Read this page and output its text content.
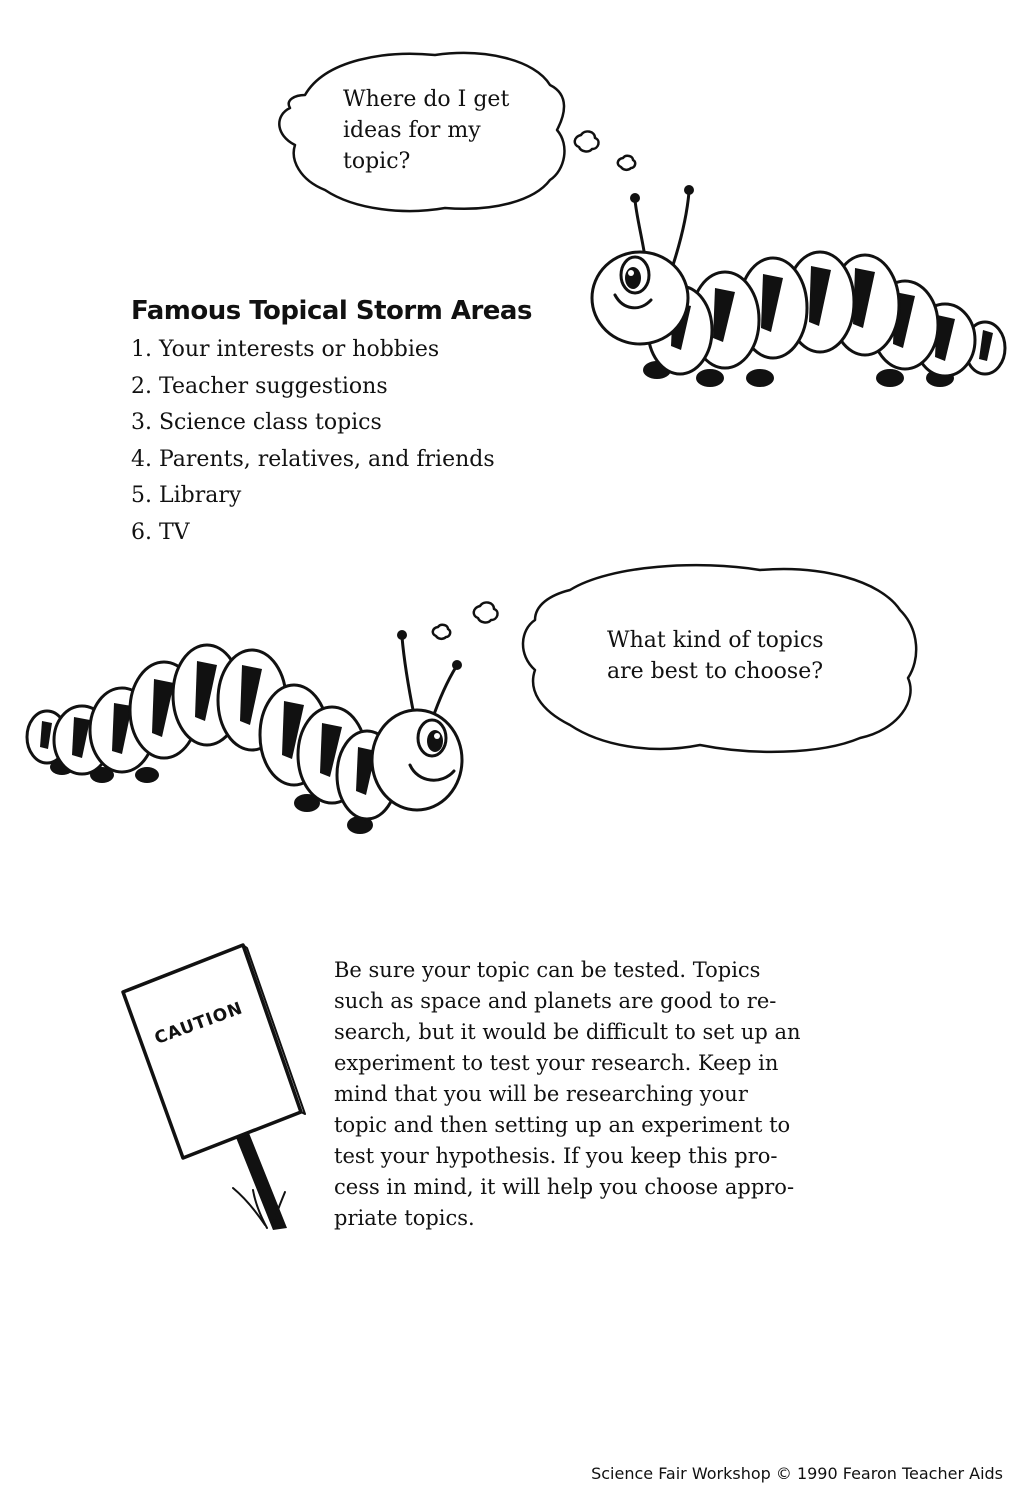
Where do I get
ideas for my
topic?
Famous Topical Storm Areas
1. Your interests or hobbies
2. Teacher suggestions
3. Science class topics
4. Parents, relatives, and friends
5. Library
6. TV
What kind of topics
are best to choose?
CAUTION
Be sure your topic can be tested. Topics
such as space and planets are good to re-
search, but it would be difficult to set up an
experiment to test your research. Keep in
mind that you will be researching your
topic and then setting up an experiment to
test your hypothesis. If you keep this pro-
cess in mind, it will help you choose appro-
priate topics.
Science Fair Workshop © 1990 Fearon Teacher Aids
